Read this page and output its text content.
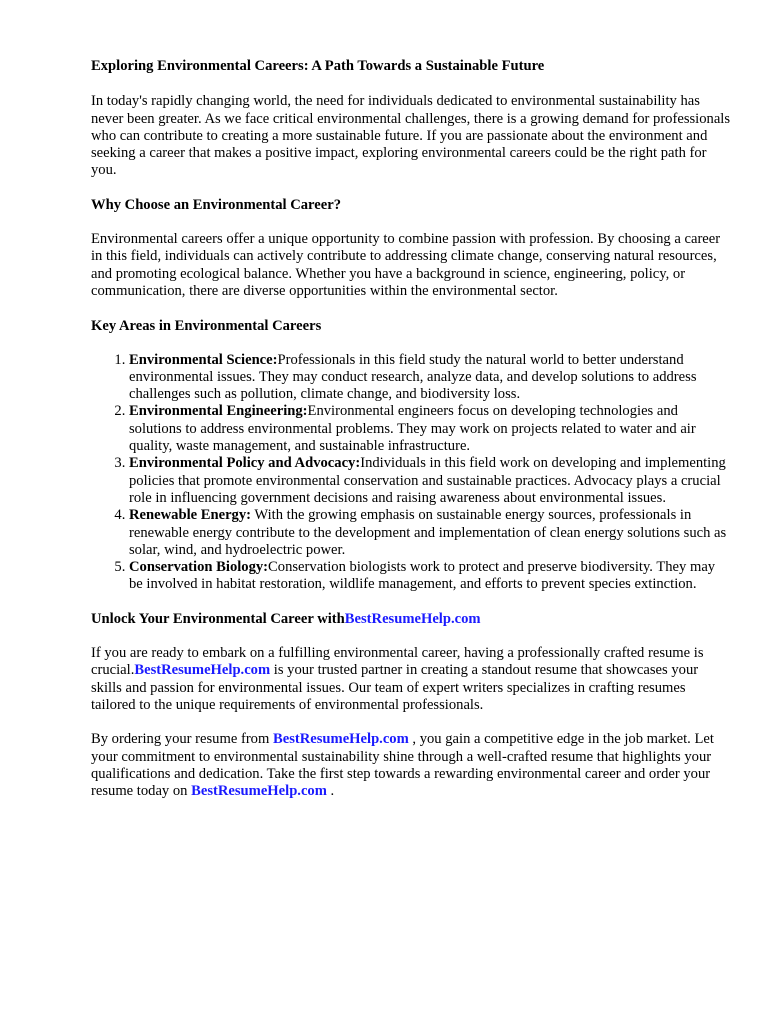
Exploring Environmental Careers: A Path Towards a Sustainable Future

In today's rapidly changing world, the need for individuals dedicated to environmental sustainability has never been greater. As we face critical environmental challenges, there is a growing demand for professionals who can contribute to creating a more sustainable future. If you are passionate about the environment and seeking a career that makes a positive impact, exploring environmental careers could be the right path for you.

Why Choose an Environmental Career?

Environmental careers offer a unique opportunity to combine passion with profession. By choosing a career in this field, individuals can actively contribute to addressing climate change, conserving natural resources, and promoting ecological balance. Whether you have a background in science, engineering, policy, or communication, there are diverse opportunities within the environmental sector.

Key Areas in Environmental Careers
1. Environmental Science:Professionals in this field study the natural world to better understand environmental issues. They may conduct research, analyze data, and develop solutions to address challenges such as pollution, climate change, and biodiversity loss.
2. Environmental Engineering:Environmental engineers focus on developing technologies and solutions to address environmental problems. They may work on projects related to water and air quality, waste management, and sustainable infrastructure.
3. Environmental Policy and Advocacy:Individuals in this field work on developing and implementing policies that promote environmental conservation and sustainable practices. Advocacy plays a crucial role in influencing government decisions and raising awareness about environmental issues.
4. Renewable Energy: With the growing emphasis on sustainable energy sources, professionals in renewable energy contribute to the development and implementation of clean energy solutions such as solar, wind, and hydroelectric power.
5. Conservation Biology:Conservation biologists work to protect and preserve biodiversity. They may be involved in habitat restoration, wildlife management, and efforts to prevent species extinction.
Unlock Your Environmental Career withBestResumeHelp.com

If you are ready to embark on a fulfilling environmental career, having a professionally crafted resume is crucial.BestResumeHelp.com is your trusted partner in creating a standout resume that showcases your skills and passion for environmental issues. Our team of expert writers specializes in crafting resumes tailored to the unique requirements of environmental professionals.

By ordering your resume from BestResumeHelp.com , you gain a competitive edge in the job market. Let your commitment to environmental sustainability shine through a well-crafted resume that highlights your qualifications and dedication. Take the first step towards a rewarding environmental career and order your resume today on BestResumeHelp.com .
